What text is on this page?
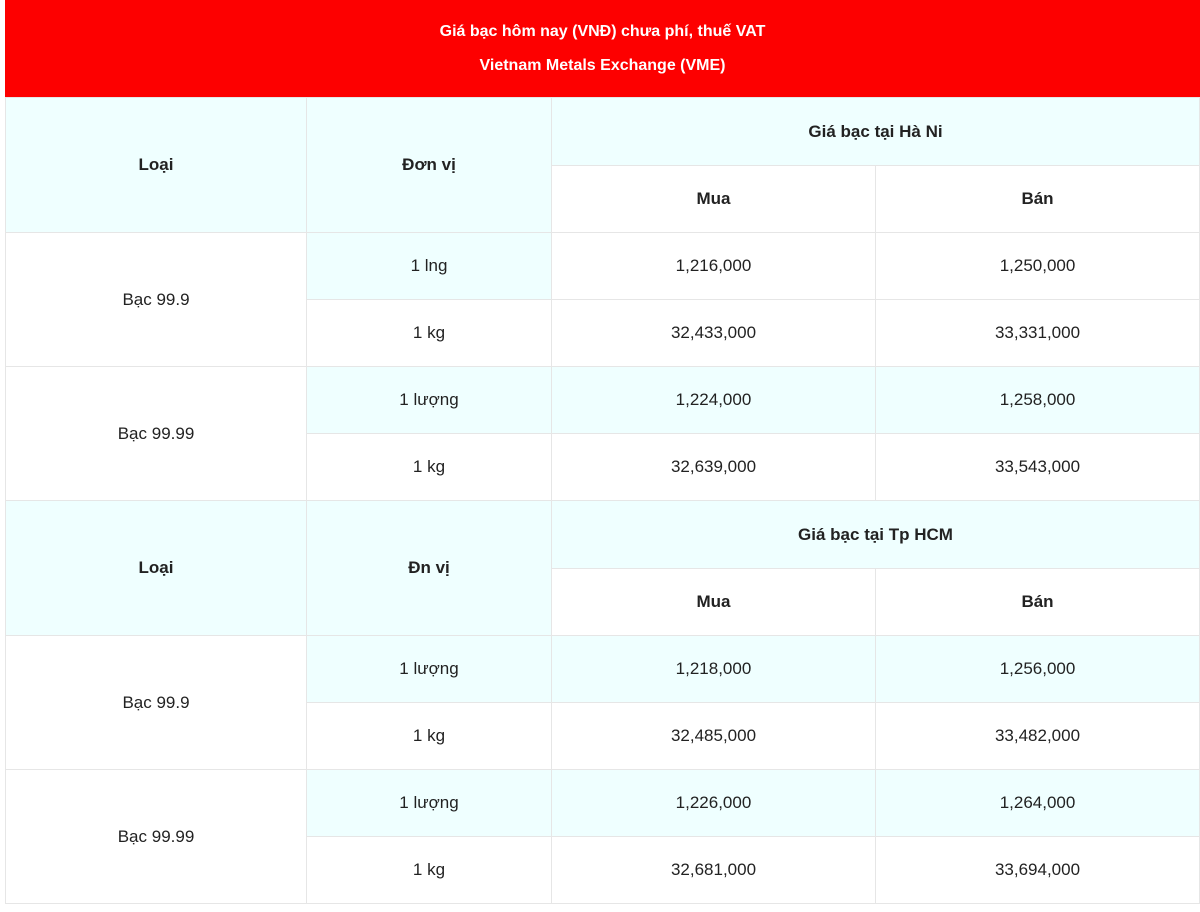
Giá bạc hôm nay (VNĐ) chưa phí, thuế VAT
Vietnam Metals Exchange (VME)
Loại	Đơn vị	Giá bạc tại Hà Ni	
		Mua	Bán
Bạc 99.9	1 lng	1,216,000	1,250,000
	1 kg	32,433,000	33,331,000
Bạc 99.99	1 lượng	1,224,000	1,258,000
	1 kg	32,639,000	33,543,000
Loại	Đn vị	Giá bạc tại Tp HCM	
		Mua	Bán
Bạc 99.9	1 lượng	1,218,000	1,256,000
	1 kg	32,485,000	33,482,000
Bạc 99.99	1 lượng	1,226,000	1,264,000
	1 kg	32,681,000	33,694,000
